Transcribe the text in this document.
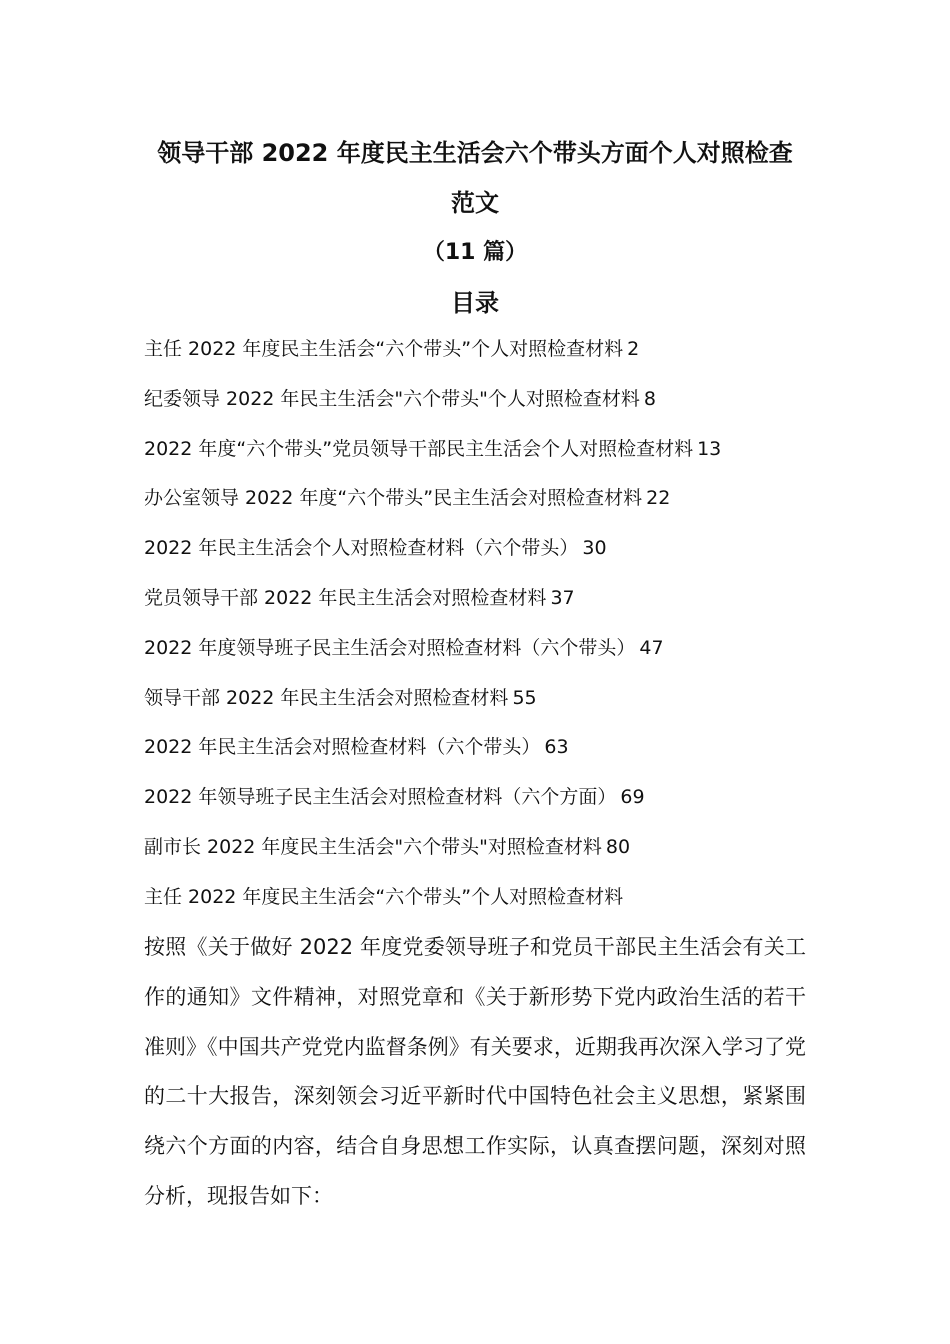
领导干部 2022 年度民主生活会六个带头方面个人对照检查
范文
（11 篇）
目录
主任 2022 年度民主生活会“六个带头”个人对照检查材料 2
纪委领导 2022 年民主生活会"六个带头"个人对照检查材料 8
2022 年度“六个带头”党员领导干部民主生活会个人对照检查材料 13
办公室领导 2022 年度“六个带头”民主生活会对照检查材料 22
2022 年民主生活会个人对照检查材料（六个带头） 30
党员领导干部 2022 年民主生活会对照检查材料 37
2022 年度领导班子民主生活会对照检查材料（六个带头） 47
领导干部 2022 年民主生活会对照检查材料 55
2022 年民主生活会对照检查材料（六个带头） 63
2022 年领导班子民主生活会对照检查材料（六个方面） 69
副市长 2022 年度民主生活会"六个带头"对照检查材料 80
主任 2022 年度民主生活会“六个带头”个人对照检查材料

按照《关于做好 2022 年度党委领导班子和党员干部民主生活会有关工作的通知》文件精神，对照党章和《关于新形势下党内政治生活的若干准则》《中国共产党党内监督条例》有关要求，近期我再次深入学习了党的二十大报告，深刻领会习近平新时代中国特色社会主义思想，紧紧围绕六个方面的内容，结合自身思想工作实际，认真查摆问题，深刻对照分析，现报告如下：
